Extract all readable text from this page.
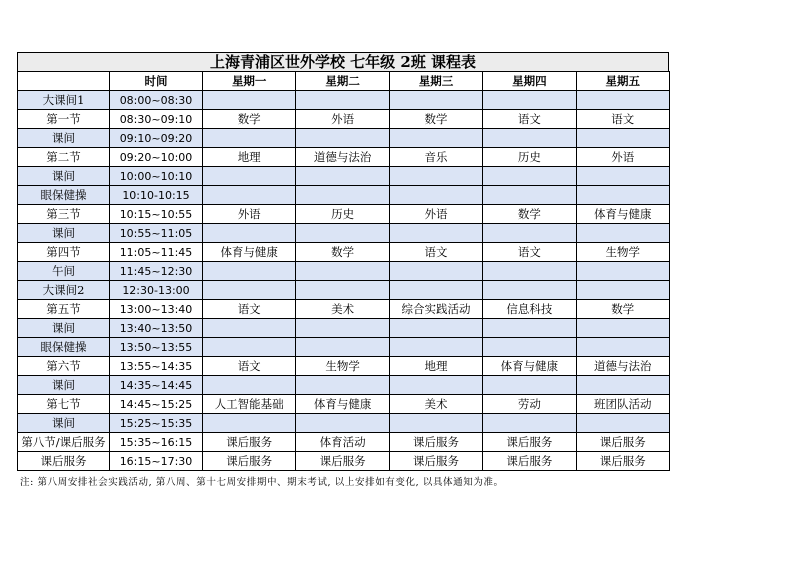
上海青浦区世外学校 七年级 2班 课程表
	时间	星期一	星期二	星期三	星期四	星期五
大课间1	08:00~08:30					
第一节	08:30~09:10	数学	外语	数学	语文	语文
课间	09:10~09:20					
第二节	09:20~10:00	地理	道德与法治	音乐	历史	外语
课间	10:00~10:10					
眼保健操	10:10-10:15					
第三节	10:15~10:55	外语	历史	外语	数学	体育与健康
课间	10:55~11:05					
第四节	11:05~11:45	体育与健康	数学	语文	语文	生物学
午间	11:45~12:30					
大课间2	12:30-13:00					
第五节	13:00~13:40	语文	美术	综合实践活动	信息科技	数学
课间	13:40~13:50					
眼保健操	13:50~13:55					
第六节	13:55~14:35	语文	生物学	地理	体育与健康	道德与法治
课间	14:35~14:45					
第七节	14:45~15:25	人工智能基础	体育与健康	美术	劳动	班团队活动
课间	15:25~15:35					
第八节/课后服务	15:35~16:15	课后服务	体育活动	课后服务	课后服务	课后服务
课后服务	16:15~17:30	课后服务	课后服务	课后服务	课后服务	课后服务
注: 第八周安排社会实践活动, 第八周、第十七周安排期中、期末考试, 以上安排如有变化, 以具体通知为准。
